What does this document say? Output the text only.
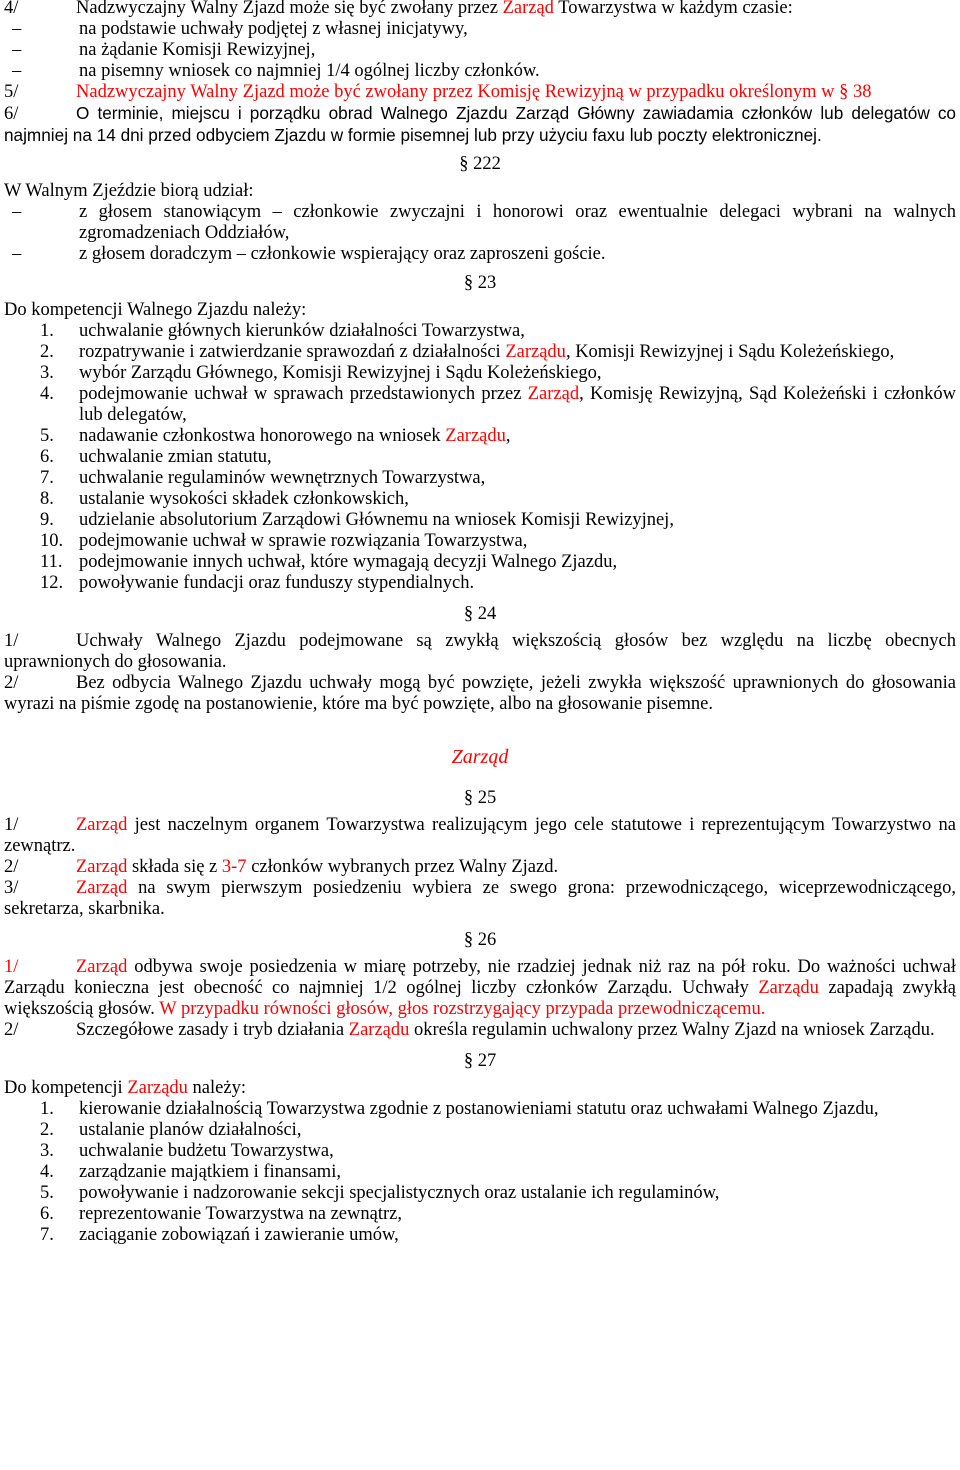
4/	Nadzwyczajny Walny Zjazd może się być zwołany przez Zarząd Towarzystwa w każdym czasie:

–	na podstawie uchwały podjętej z własnej inicjatywy,
–	na żądanie Komisji Rewizyjnej,
–	na pisemny wniosek co najmniej 1/4 ogólnej liczby członków.

5/	Nadzwyczajny Walny Zjazd może być zwołany przez Komisję Rewizyjną w przypadku określonym w § 38

6/	O terminie, miejscu i porządku obrad Walnego Zjazdu Zarząd Główny zawiadamia członków lub delegatów co najmniej na 14 dni przed odbyciem Zjazdu w formie pisemnej lub przy użyciu faxu lub poczty elektronicznej.

§ 222

W Walnym Zjeździe biorą udział:

–	z głosem stanowiącym – członkowie zwyczajni i honorowi oraz ewentualnie delegaci wybrani na walnych zgromadzeniach Oddziałów,
–	z głosem doradczym – członkowie wspierający oraz zaproszeni goście.

§ 23

Do kompetencji Walnego Zjazdu należy:

1. uchwalanie głównych kierunków działalności Towarzystwa,
2. rozpatrywanie i zatwierdzanie sprawozdań z działalności Zarządu, Komisji Rewizyjnej i Sądu Koleżeńskiego,
3. wybór Zarządu Głównego, Komisji Rewizyjnej i Sądu Koleżeńskiego,
4. podejmowanie uchwał w sprawach przedstawionych przez Zarząd, Komisję Rewizyjną, Sąd Koleżeński i członków lub delegatów,
5. nadawanie członkostwa honorowego na wniosek Zarządu,
6. uchwalanie zmian statutu,
7. uchwalanie regulaminów wewnętrznych Towarzystwa,
8. ustalanie wysokości składek członkowskich,
9. udzielanie absolutorium Zarządowi Głównemu na wniosek Komisji Rewizyjnej,
10. podejmowanie uchwał w sprawie rozwiązania Towarzystwa,
11. podejmowanie innych uchwał, które wymagają decyzji Walnego Zjazdu,
12. powoływanie fundacji oraz funduszy stypendialnych.

§ 24

1/	Uchwały Walnego Zjazdu podejmowane są zwykłą większością głosów bez względu na liczbę obecnych uprawnionych do głosowania.

2/	Bez odbycia Walnego Zjazdu uchwały mogą być powzięte, jeżeli zwykła większość uprawnionych do głosowania wyrazi na piśmie zgodę na postanowienie, które ma być powzięte, albo na głosowanie pisemne.

Zarząd

§ 25

1/	Zarząd jest naczelnym organem Towarzystwa realizującym jego cele statutowe i reprezentującym Towarzystwo na zewnątrz.

2/	Zarząd składa się z 3-7 członków wybranych przez Walny Zjazd.

3/	Zarząd na swym pierwszym posiedzeniu wybiera ze swego grona: przewodniczącego, wiceprzewodniczącego, sekretarza, skarbnika.

§ 26

1/	Zarząd odbywa swoje posiedzenia w miarę potrzeby, nie rzadziej jednak niż raz na pół roku. Do ważności uchwał Zarządu konieczna jest obecność co najmniej 1/2 ogólnej liczby członków Zarządu. Uchwały Zarządu zapadają zwykłą większością głosów. W przypadku równości głosów, głos rozstrzygający przypada przewodniczącemu.

2/	Szczegółowe zasady i tryb działania Zarządu określa regulamin uchwalony przez Walny Zjazd na wniosek Zarządu.

§ 27

Do kompetencji Zarządu należy:

1. kierowanie działalnością Towarzystwa zgodnie z postanowieniami statutu oraz uchwałami Walnego Zjazdu,
2. ustalanie planów działalności,
3. uchwalanie budżetu Towarzystwa,
4. zarządzanie majątkiem i finansami,
5. powoływanie i nadzorowanie sekcji specjalistycznych oraz ustalanie ich regulaminów,
6. reprezentowanie Towarzystwa na zewnątrz,
7. zaciąganie zobowiązań i zawieranie umów,
